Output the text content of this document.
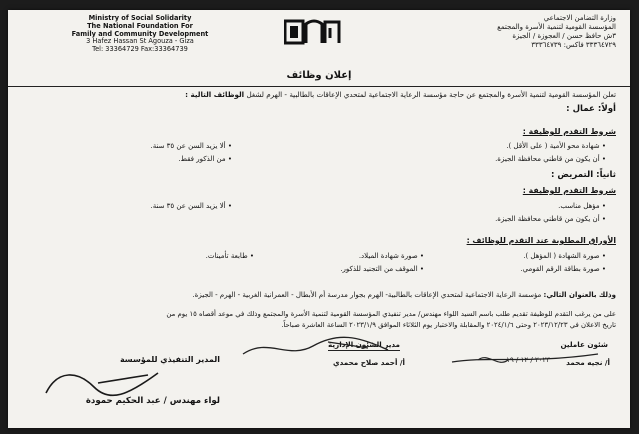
Ministry of Social Solidarity
The National Foundation For
Family and Community Development
3 Hafez Hassan St Agouza - Giza
Tel: 33364729 Fax:33364739
وزارة التضامن الاجتماعي
المؤسسة القومية لتنمية الأسرة والمجتمع
٣ش حافظ حسن / العجوزة / الجيزة
٣٣٣٦٤٧٢٩ فاكس: ٣٣٣٦٤٧٣٩
إعلان وظائف
تعلن المؤسسة القومية لتنمية الأسرة والمجتمع عن حاجة مؤسسة الرعاية الاجتماعية لمتحدي الإعاقات بالطالبية - الهرم لشغل الوظائف التالية :
أولاً: عمال :
شروط التقدم للوظيفة :
• شهادة محو الأمية ( على الأقل ).
• أن يكون من قاطني محافظة الجيزة.
• ألا يزيد السن عن ٣٥ سنة.
• من الذكور فقط.
ثانياً: التمريض :
شروط التقدم للوظيفة :
• مؤهل مناسب.
• أن يكون من قاطني محافظة الجيزة.
• ألا يزيد السن عن ٣٥ سنة.
الأوراق المطلوبة عند التقدم للوظائف :
• صورة الشهادة ( المؤهل ).
• صورة بطاقة الرقم القومي.
• صورة شهادة الميلاد.
• الموقف من التجنيد للذكور.
• طابعة تأمينات.
وذلك بالعنوان التالي: مؤسسة الرعاية الاجتماعية لمتحدي الإعاقات بالطالبية- الهرم بجوار مدرسة أم الأبطال - العمرانية الغربية - الهرم - الجيزة.
على من يرغب التقدم للوظيفة تقديم طلب باسم السيد اللواء مهندس/ مدير تنفيذي المؤسسة القومية لتنمية الأسرة والمجتمع وذلك في موعد أقصاه ١٥ يوم من
تاريخ الاعلان في ٢٠٢٣/١٢/٢٣ وحتى ٢٠٢٤/١/٦ والمقابلة والاختبار يوم الثلاثاء الموافق ٢٠٢٣/١/٩ الساعة العاشرة صباحاً.
شئون عاملين
أ/ نجيه محمد
٢٠٢٣ / ١٢ / ١٩
مدير الشئون الإدارية
أ/ أحمد صلاح محمدي
المدير التنفيذي للمؤسسة
لواء مهندس / عبد الحكيم حمودة
